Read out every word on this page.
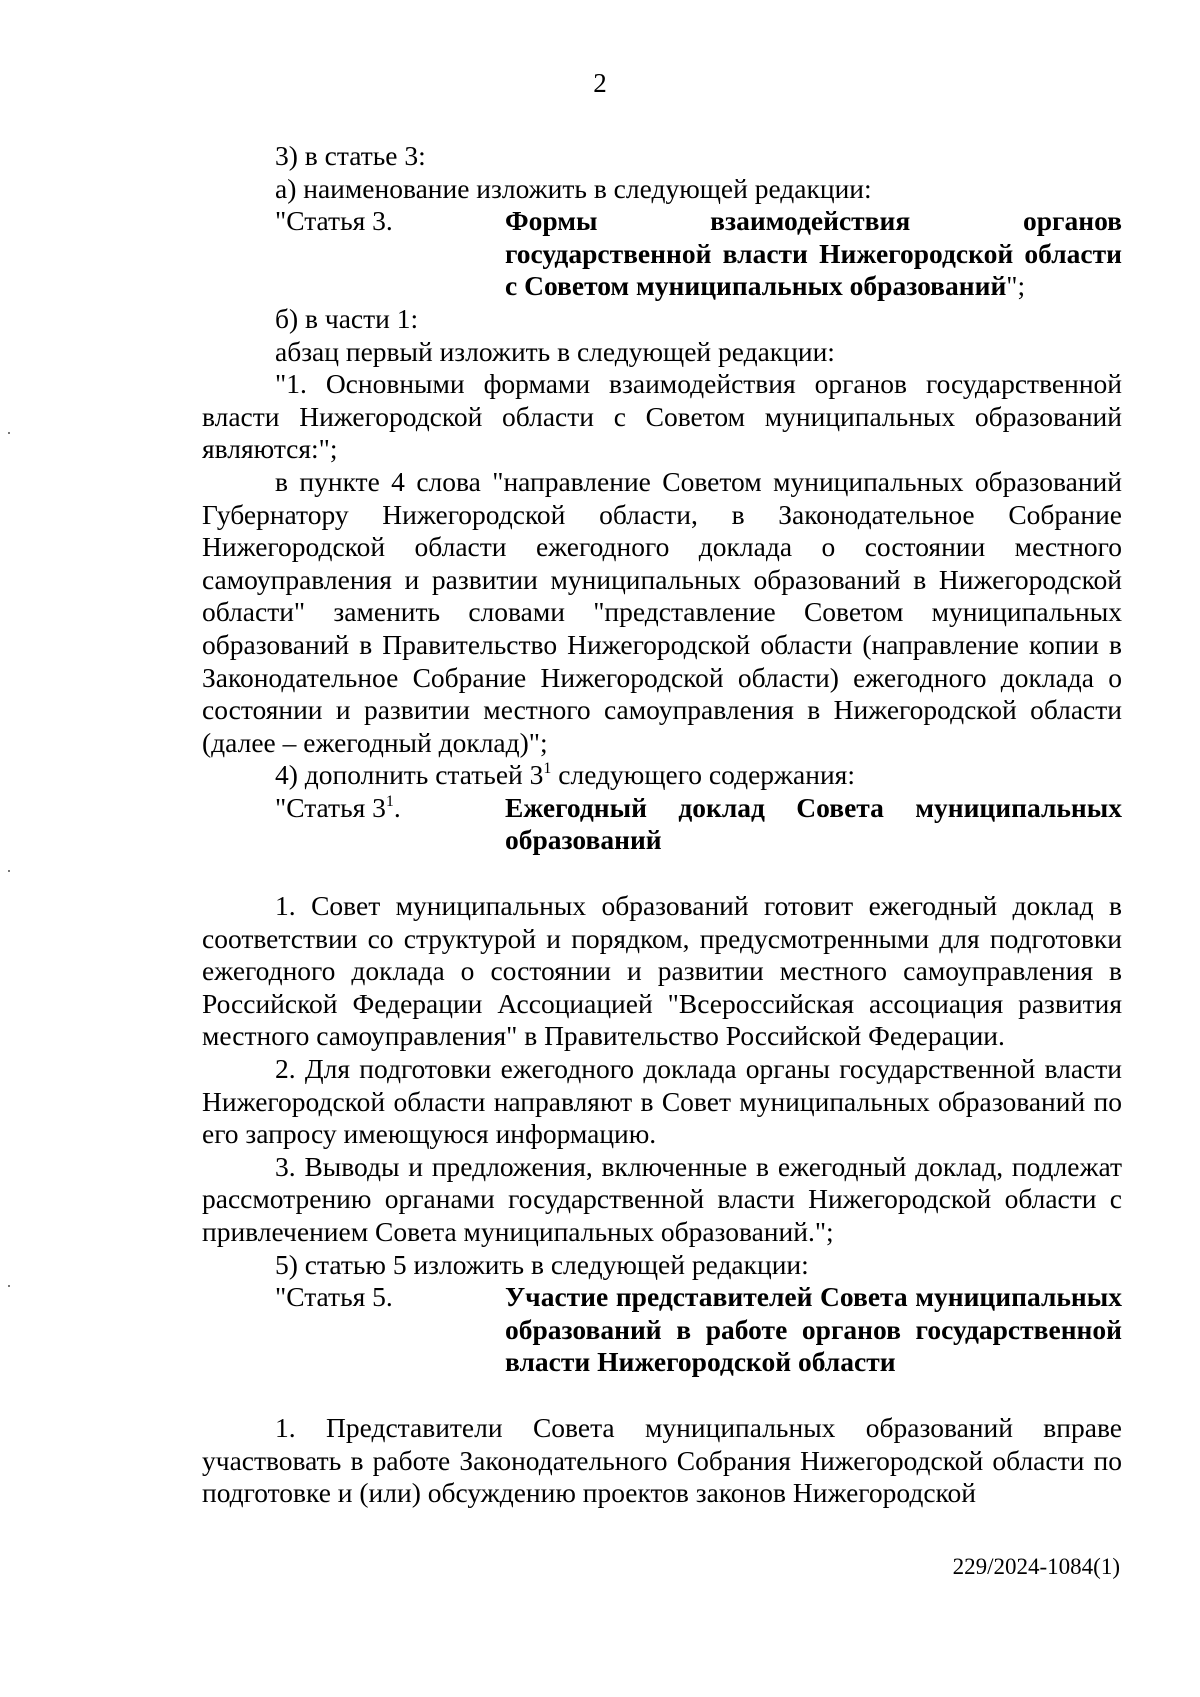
2

3) в статье 3:

а) наименование изложить в следующей редакции:

"Статья 3.	Формы взаимодействия органов государственной власти Нижегородской области с Советом муниципальных образований";

б) в части 1:

абзац первый изложить в следующей редакции:

"1. Основными формами взаимодействия органов государственной власти Нижегородской области с Советом муниципальных образований являются:";

в пункте 4 слова "направление Советом муниципальных образований Губернатору Нижегородской области, в Законодательное Собрание Нижегородской области ежегодного доклада о состоянии местного самоуправления и развитии муниципальных образований в Нижегородской области" заменить словами "представление Советом муниципальных образований в Правительство Нижегородской области (направление копии в Законодательное Собрание Нижегородской области) ежегодного доклада о состоянии и развитии местного самоуправления в Нижегородской области (далее – ежегодный доклад)";

4) дополнить статьей $3^1$ следующего содержания:

"Статья $3^1$.	Ежегодный доклад Совета муниципальных образований

1. Совет муниципальных образований готовит ежегодный доклад в соответствии со структурой и порядком, предусмотренными для подготовки ежегодного доклада о состоянии и развитии местного самоуправления в Российской Федерации Ассоциацией "Всероссийская ассоциация развития местного самоуправления" в Правительство Российской Федерации.

2. Для подготовки ежегодного доклада органы государственной власти Нижегородской области направляют в Совет муниципальных образований по его запросу имеющуюся информацию.

3. Выводы и предложения, включенные в ежегодный доклад, подлежат рассмотрению органами государственной власти Нижегородской области с привлечением Совета муниципальных образований.";

5) статью 5 изложить в следующей редакции:

"Статья 5.	Участие представителей Совета муниципальных образований в работе органов государственной власти Нижегородской области

1. Представители Совета муниципальных образований вправе участвовать в работе Законодательного Собрания Нижегородской области по подготовке и (или) обсуждению проектов законов Нижегородской

229/2024-1084(1)
